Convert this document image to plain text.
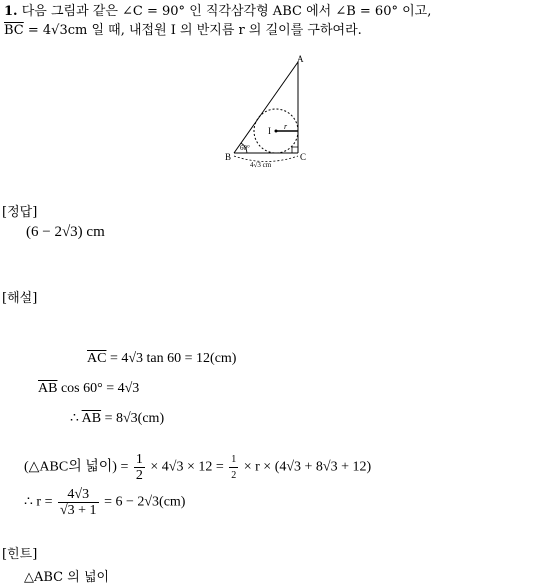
1. 다음 그림과 같은 ∠C = 90° 인 직각삼각형 ABC 에서 ∠B = 60° 이고,
$\overline{BC} = 4√3cm$ 일 때, 내접원 I 의 반지름 r 의 길이를 구하여라.
A
B	C
I r
60°
4√3 cm
[정답]
(6 − 2√3) cm
[해설]
$\overline{AC} = 4√3$ tan 60 = 12(cm)
$\overline{AB}$ cos 60° = 4√3
∴ $\overline{AB} = 8√3(cm)$
(△ABC의 넓이) = $\frac{1}{2} \times 4√3 \times 12 = \frac{1}{2} \times r \times (4√3 + 8√3 + 12)$
∴ $r = \frac{4√3}{√3 + 1} = 6 - 2√3(cm)$
[힌트]
△ABC 의 넓이
